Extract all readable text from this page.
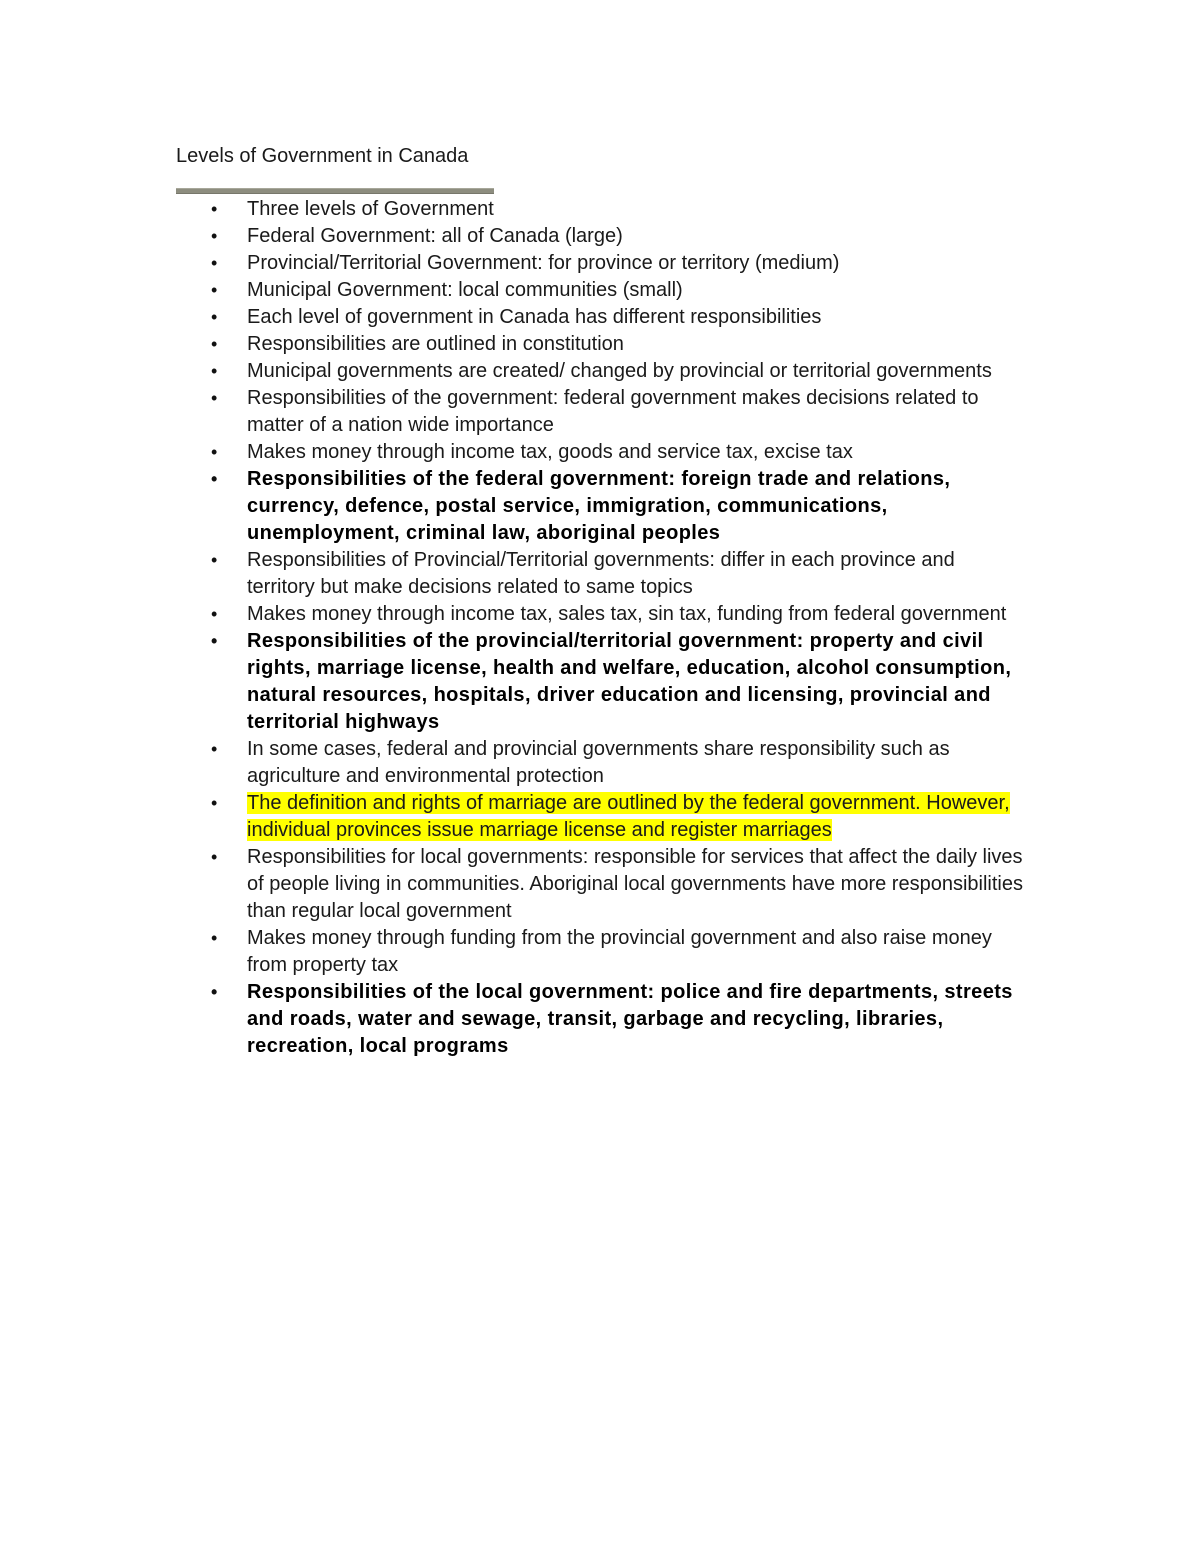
Levels of Government in Canada
•	Three levels of Government
•	Federal Government: all of Canada (large)
•	Provincial/Territorial Government: for province or territory (medium)
•	Municipal Government: local communities (small)
•	Each level of government in Canada has different responsibilities
•	Responsibilities are outlined in constitution
•	Municipal governments are created/ changed by provincial or territorial governments
•	Responsibilities of the government: federal government makes decisions related to matter of a nation wide importance
•	Makes money through income tax, goods and service tax, excise tax
•	Responsibilities of the federal government: foreign trade and relations, currency, defence, postal service, immigration, communications, unemployment, criminal law, aboriginal peoples
•	Responsibilities of Provincial/Territorial governments: differ in each province and territory but make decisions related to same topics
•	Makes money through income tax, sales tax, sin tax, funding from federal government
•	Responsibilities of the provincial/territorial government: property and civil rights, marriage license, health and welfare, education, alcohol consumption, natural resources, hospitals, driver education and licensing, provincial and territorial highways
•	In some cases, federal and provincial governments share responsibility such as agriculture and environmental protection
•	The definition and rights of marriage are outlined by the federal government. However, individual provinces issue marriage license and register marriages
•	Responsibilities for local governments: responsible for services that affect the daily lives of people living in communities. Aboriginal local governments have more responsibilities than regular local government
•	Makes money through funding from the provincial government and also raise money from property tax
•	Responsibilities of the local government: police and fire departments, streets and roads, water and sewage, transit, garbage and recycling, libraries, recreation, local programs
